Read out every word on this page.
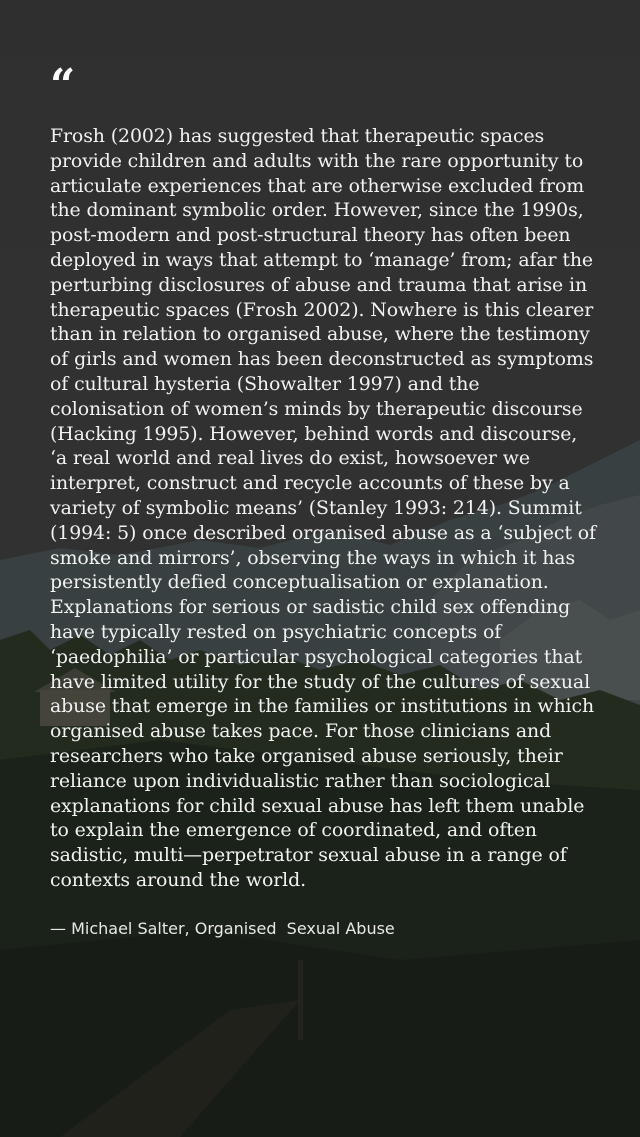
“

Frosh (2002) has suggested that therapeutic spaces provide children and adults with the rare opportunity to articulate experiences that are otherwise excluded from the dominant symbolic order. However, since the 1990s, post-modern and post-structural theory has often been deployed in ways that attempt to ‘manage’ from; afar the perturbing disclosures of abuse and trauma that arise in therapeutic spaces (Frosh 2002). Nowhere is this clearer than in relation to organised abuse, where the testimony of girls and women has been deconstructed as symptoms of cultural hysteria (Showalter 1997) and the colonisation of women’s minds by therapeutic discourse (Hacking 1995). However, behind words and discourse, ‘a real world and real lives do exist, howsoever we interpret, construct and recycle accounts of these by a variety of symbolic means’ (Stanley 1993: 214). Summit (1994: 5) once described organised abuse as a ‘subject of smoke and mirrors’, observing the ways in which it has persistently defied conceptualisation or explanation. Explanations for serious or sadistic child sex offending have typically rested on psychiatric concepts of ‘paedophilia’ or particular psychological categories that have limited utility for the study of the cultures of sexual abuse that emerge in the families or institutions in which organised abuse takes pace. For those clinicians and researchers who take organised abuse seriously, their reliance upon individualistic rather than sociological explanations for child sexual abuse has left them unable to explain the emergence of coordinated, and often sadistic, multi—perpetrator sexual abuse in a range of contexts around the world.

— Michael Salter, Organised  Sexual Abuse
